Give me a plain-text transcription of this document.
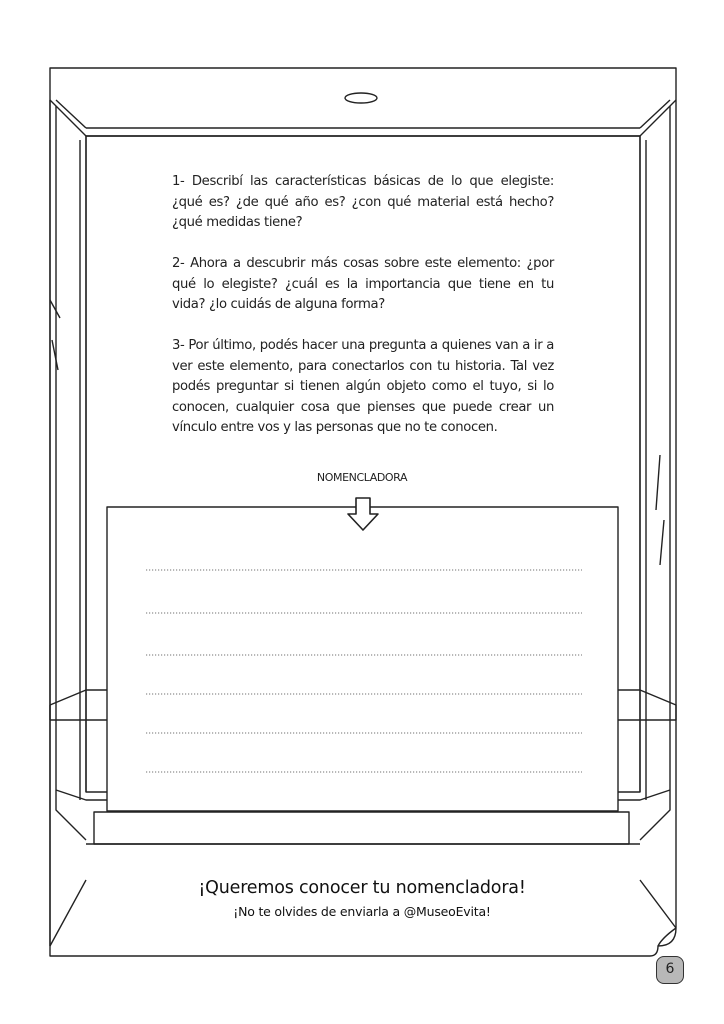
1- Describí las características básicas de lo que elegiste: ¿qué es? ¿de qué año es? ¿con qué material está hecho? ¿qué medidas tiene?

2- Ahora a descubrir más cosas sobre este elemento: ¿por qué lo elegiste? ¿cuál es la importancia que tiene en tu vida? ¿lo cuidás de alguna forma?

3- Por último, podés hacer una pregunta a quienes van a ir a ver este elemento, para conectarlos con tu historia. Tal vez podés preguntar si tienen algún objeto como el tuyo, si lo conocen, cualquier cosa que pienses que puede crear un vínculo entre vos y las personas que no te conocen.

NOMENCLADORA
¡Queremos conocer tu nomencladora!
¡No te olvides de enviarla a @MuseoEvita!
6
